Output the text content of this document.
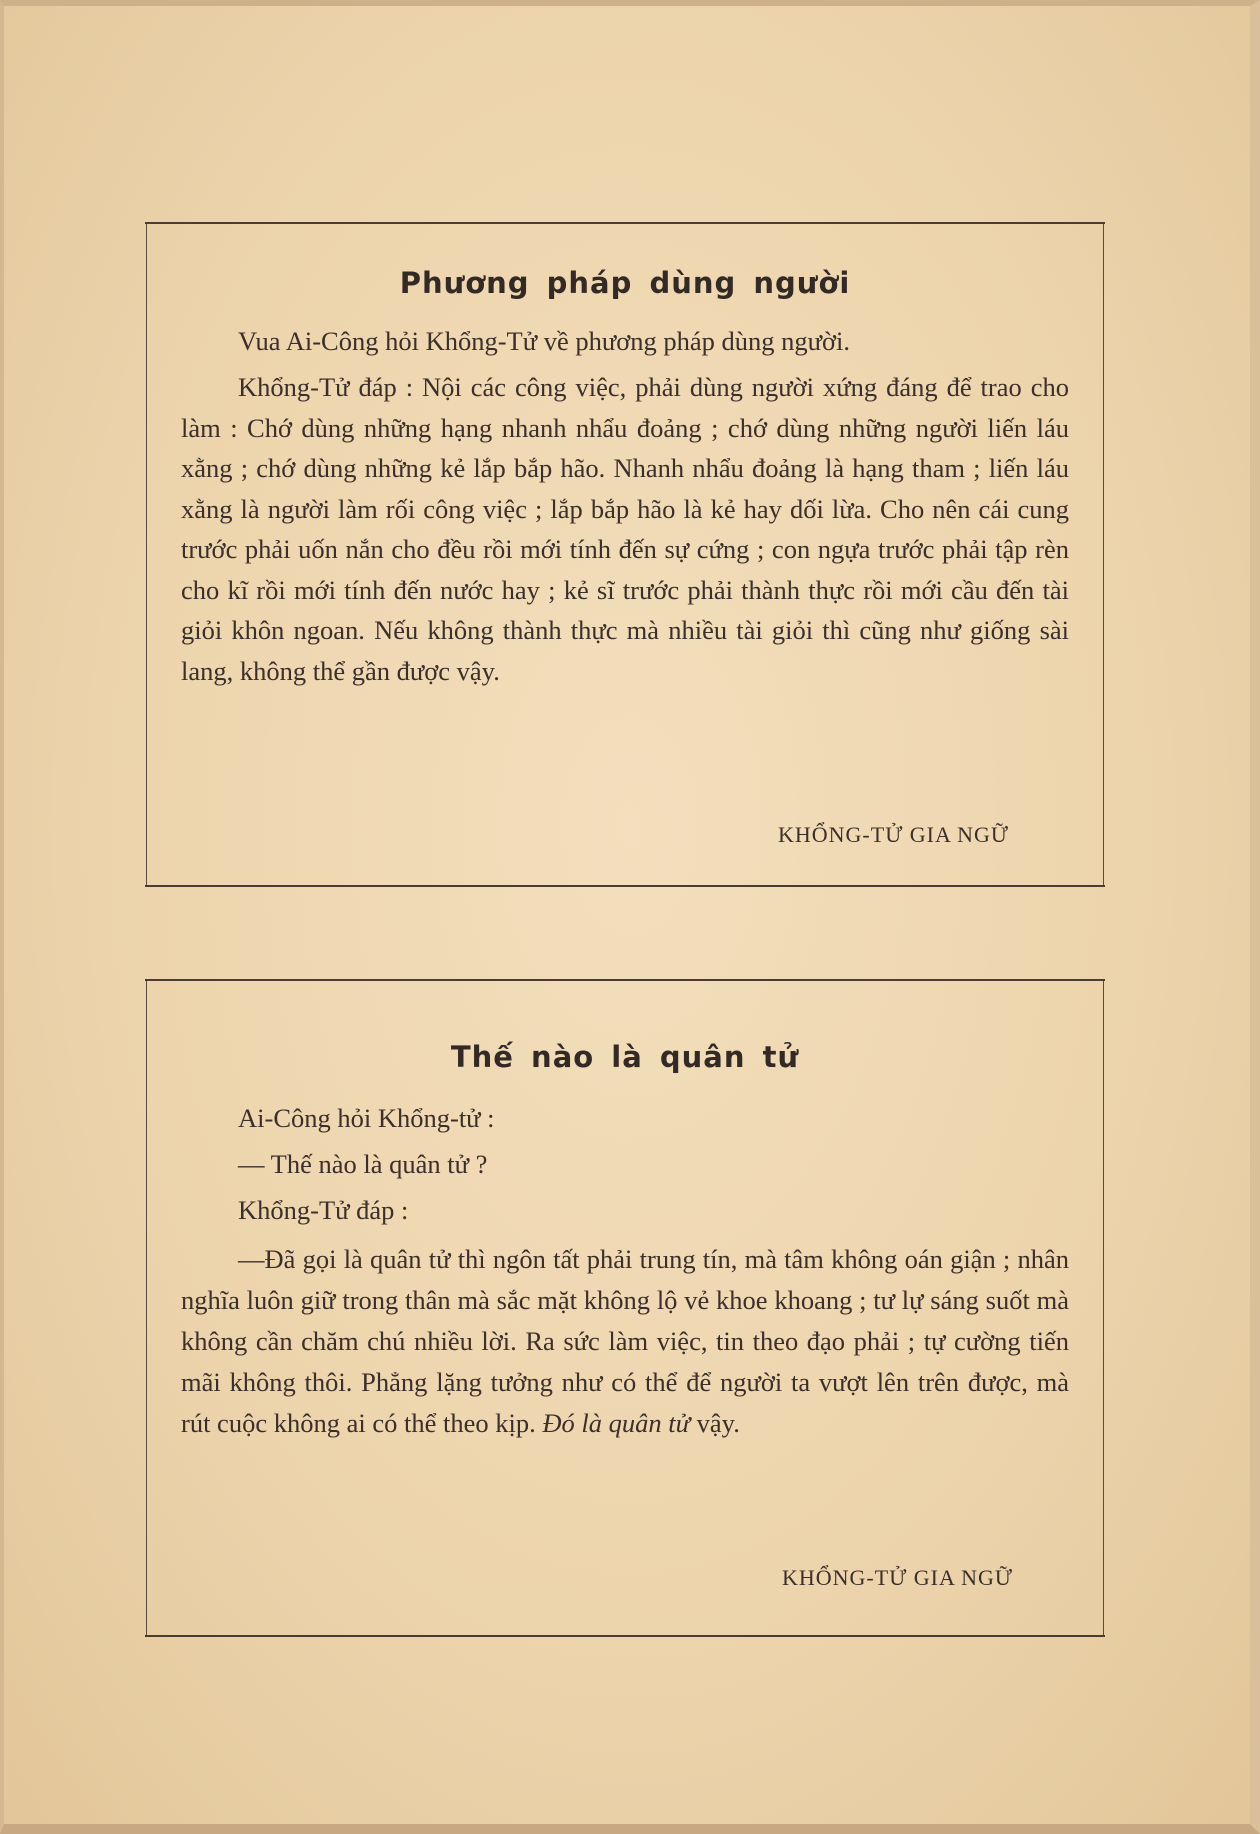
Phương pháp dùng người

Vua Ai-Công hỏi Khổng-Tử về phương pháp dùng người.

Khổng-Tử đáp : Nội các công việc, phải dùng người xứng đáng để trao cho làm : Chớ dùng những hạng nhanh nhẩu đoảng ; chớ dùng những người liến láu xằng ; chớ dùng những kẻ lắp bắp hão. Nhanh nhẩu đoảng là hạng tham ; liến láu xằng là người làm rối công việc ; lắp bắp hão là kẻ hay dối lừa. Cho nên cái cung trước phải uốn nắn cho đều rồi mới tính đến sự cứng ; con ngựa trước phải tập rèn cho kĩ rồi mới tính đến nước hay ; kẻ sĩ trước phải thành thực rồi mới cầu đến tài giỏi khôn ngoan. Nếu không thành thực mà nhiều tài giỏi thì cũng như giống sài lang, không thể gần được vậy.

KHỔNG-TỬ GIA NGỮ

Thế nào là quân tử

Ai-Công hỏi Khổng-tử :

— Thế nào là quân tử ?

Khổng-Tử đáp :

—Đã gọi là quân tử thì ngôn tất phải trung tín, mà tâm không oán giận ; nhân nghĩa luôn giữ trong thân mà sắc mặt không lộ vẻ khoe khoang ; tư lự sáng suốt mà không cần chăm chú nhiều lời. Ra sức làm việc, tin theo đạo phải ; tự cường tiến mãi không thôi. Phẳng lặng tưởng như có thể để người ta vượt lên trên được, mà rút cuộc không ai có thể theo kịp. Đó là quân tử vậy.

KHỔNG-TỬ GIA NGỮ
